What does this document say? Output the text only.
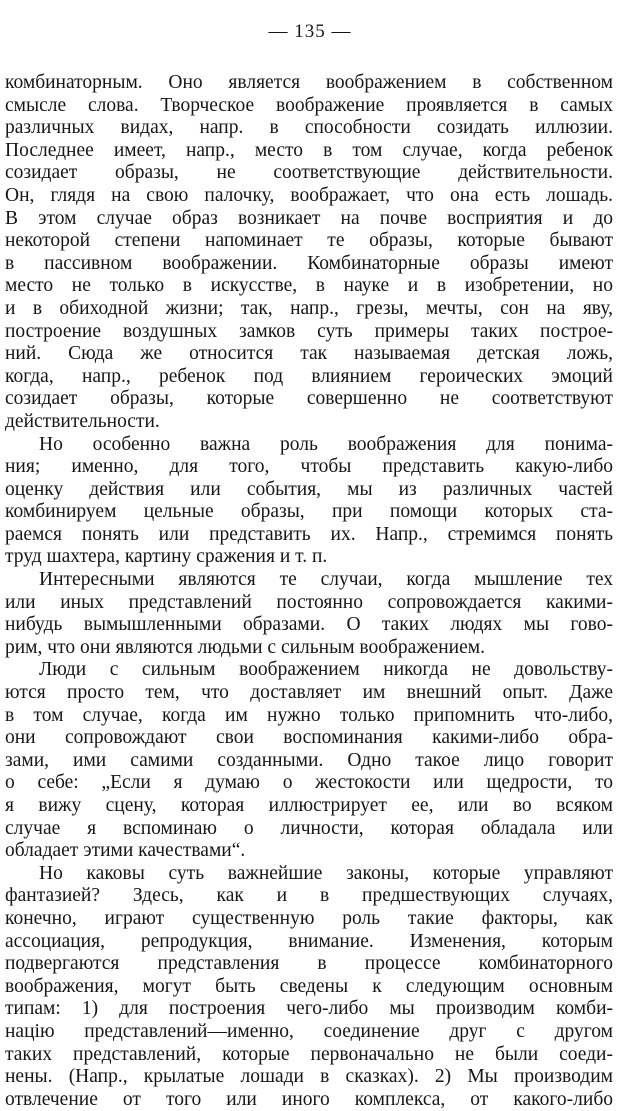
— 135 —
комбинаторным. Оно является воображением в собственном
смысле слова. Творческое воображение проявляется в самых
различных видах, напр. в способности созидать иллюзии.
Последнее имеет, напр., место в том случае, когда ребенок
созидает образы, не соответствующие действительности.
Он, глядя на свою палочку, воображает, что она есть лошадь.
В этом случае образ возникает на почве восприятия и до
некоторой степени напоминает те образы, которые бывают
в пассивном воображении. Комбинаторные образы имеют
место не только в искусстве, в науке и в изобретении, но
и в обиходной жизни; так, напр., грезы, мечты, сон на яву,
построение воздушных замков суть примеры таких построе-
ний. Сюда же относится так называемая детская ложь,
когда, напр., ребенок под влиянием героических эмоций
созидает образы, которые совершенно не соответствуют
действительности.
Но особенно важна роль воображения для понима-
ния; именно, для того, чтобы представить какую-либо
оценку действия или события, мы из различных частей
комбинируем цельные образы, при помощи которых ста-
раемся понять или представить их. Напр., стремимся понять
труд шахтера, картину сражения и т. п.
Интересными являются те случаи, когда мышление тех
или иных представлений постоянно сопровождается какими-
нибудь вымышленными образами. О таких людях мы гово-
рим, что они являются людьми с сильным воображением.
Люди с сильным воображением никогда не довольству-
ются просто тем, что доставляет им внешний опыт. Даже
в том случае, когда им нужно только припомнить что-либо,
они сопровождают свои воспоминания какими-либо обра-
зами, ими самими созданными. Одно такое лицо говорит
о себе: „Если я думаю о жестокости или щедрости, то
я вижу сцену, которая иллюстрирует ее, или во всяком
случае я вспоминаю о личности, которая обладала или
обладает этими качествами“.
Но каковы суть важнейшие законы, которые управляют
фантазией? Здесь, как и в предшествующих случаях,
конечно, играют существенную роль такие факторы, как
ассоциация, репродукция, внимание. Изменения, которым
подвергаются представления в процессе комбинаторного
воображения, могут быть сведены к следующим основным
типам: 1) для построения чего-либо мы производим комби-
націю представлений—именно, соединение друг с другом
таких представлений, которые первоначально не были соеди-
нены. (Напр., крылатые лошади в сказках). 2) Мы производим
отвлечение от того или иного комплекса, от какого-либо
